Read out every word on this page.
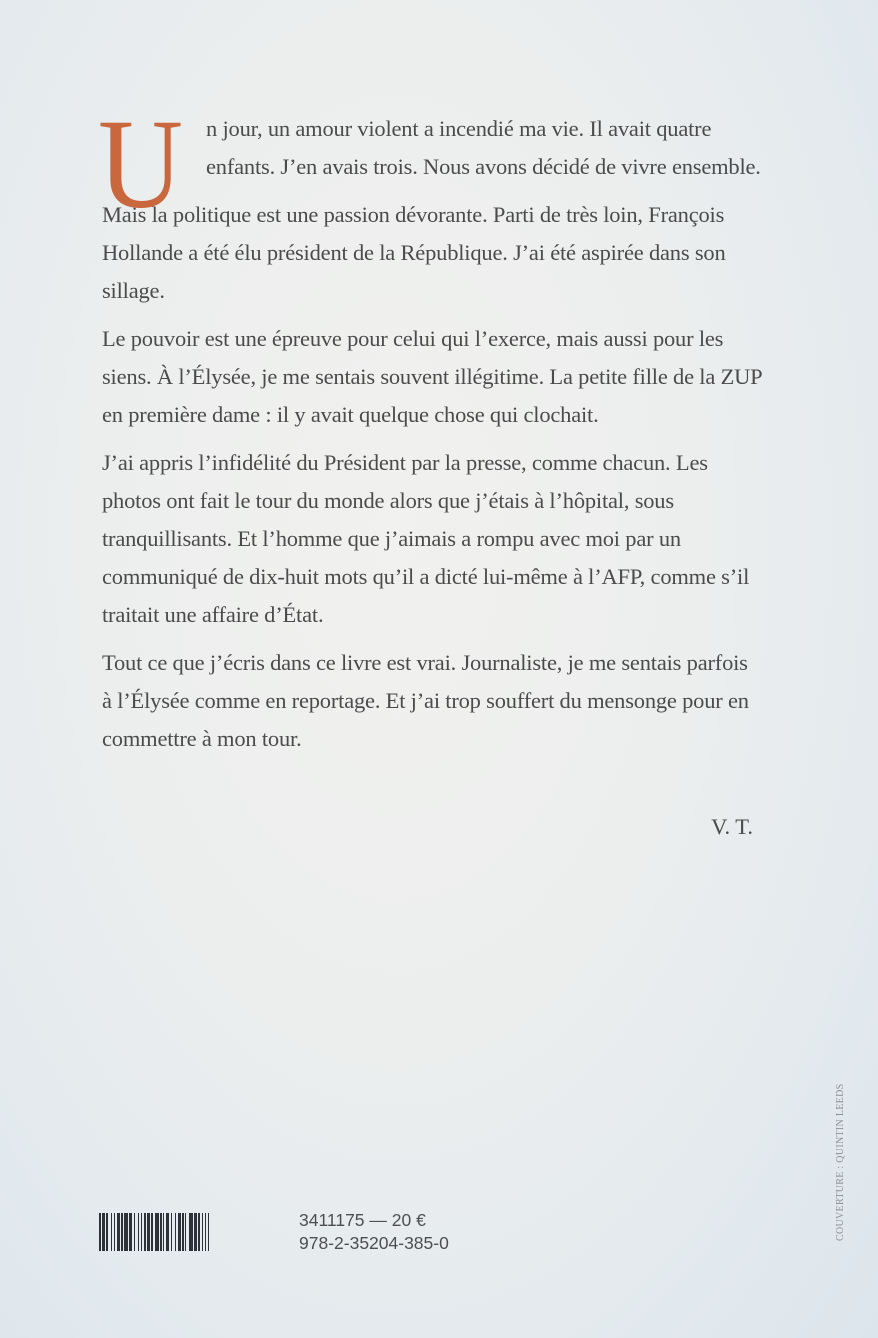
U n jour, un amour violent a incendié ma vie. Il avait quatre enfants. J’en avais trois. Nous avons décidé de vivre ensemble.

Mais la politique est une passion dévorante. Parti de très loin, François Hollande a été élu président de la République. J’ai été aspirée dans son sillage.

Le pouvoir est une épreuve pour celui qui l’exerce, mais aussi pour les siens. À l’Élysée, je me sentais souvent illégitime. La petite fille de la ZUP en première dame : il y avait quelque chose qui clochait.

J’ai appris l’infidélité du Président par la presse, comme chacun. Les photos ont fait le tour du monde alors que j’étais à l’hôpital, sous tranquillisants. Et l’homme que j’aimais a rompu avec moi par un communiqué de dix-huit mots qu’il a dicté lui-même à l’AFP, comme s’il traitait une affaire d’État.

Tout ce que j’écris dans ce livre est vrai. Journaliste, je me sentais parfois à l’Élysée comme en reportage. Et j’ai trop souffert du mensonge pour en commettre à mon tour.

V. T.
3411175 — 20 €
978-2-35204-385-0
COUVERTURE : QUINTIN LEEDS
